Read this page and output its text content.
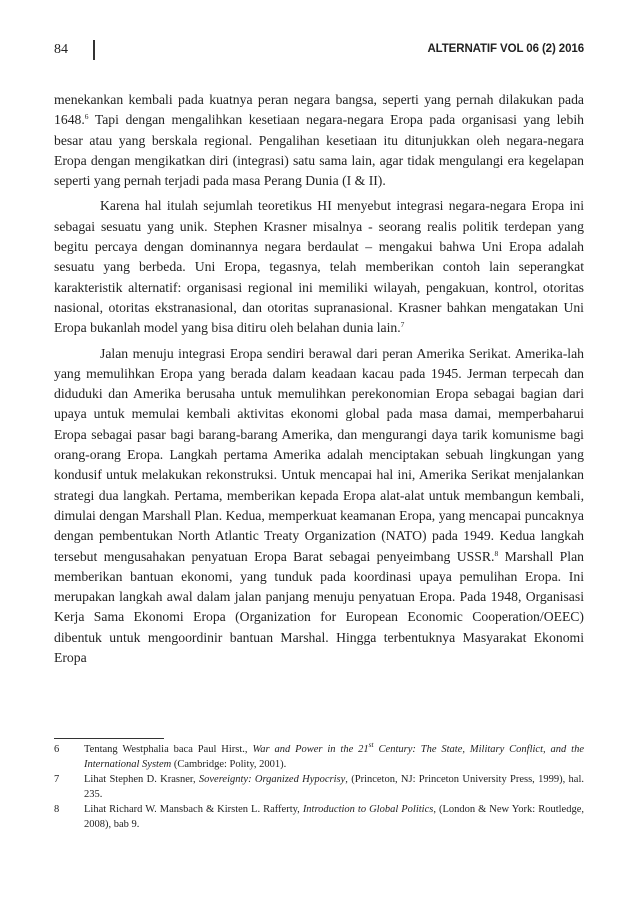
84	ALTERNATIF VOL 06 (2) 2016

menekankan kembali pada kuatnya peran negara bangsa, seperti yang pernah dilakukan pada 1648.$^6$ Tapi dengan mengalihkan kesetiaan negara-negara Eropa pada organisasi yang lebih besar atau yang berskala regional. Pengalihan kesetiaan itu ditunjukkan oleh negara-negara Eropa dengan mengikatkan diri (integrasi) satu sama lain, agar tidak mengulangi era kegelapan seperti yang pernah terjadi pada masa Perang Dunia (I & II).

Karena hal itulah sejumlah teoretikus HI menyebut integrasi negara-negara Eropa ini sebagai sesuatu yang unik. Stephen Krasner misalnya - seorang realis politik terdepan yang begitu percaya dengan dominannya negara berdaulat – mengakui bahwa Uni Eropa adalah sesuatu yang berbeda. Uni Eropa, tegasnya, telah memberikan contoh lain seperangkat karakteristik alternatif: organisasi regional ini memiliki wilayah, pengakuan, kontrol, otoritas nasional, otoritas ekstranasional, dan otoritas supranasional. Krasner bahkan mengatakan Uni Eropa bukanlah model yang bisa ditiru oleh belahan dunia lain.$^7$

Jalan menuju integrasi Eropa sendiri berawal dari peran Amerika Serikat. Amerika-lah yang memulihkan Eropa yang berada dalam keadaan kacau pada 1945. Jerman terpecah dan diduduki dan Amerika berusaha untuk memulihkan perekonomian Eropa sebagai bagian dari upaya untuk memulai kembali aktivitas ekonomi global pada masa damai, memperbaharui Eropa sebagai pasar bagi barang-barang Amerika, dan mengurangi daya tarik komunisme bagi orang-orang Eropa. Langkah pertama Amerika adalah menciptakan sebuah lingkungan yang kondusif untuk melakukan rekonstruksi. Untuk mencapai hal ini, Amerika Serikat menjalankan strategi dua langkah. Pertama, memberikan kepada Eropa alat-alat untuk membangun kembali, dimulai dengan Marshall Plan. Kedua, memperkuat keamanan Eropa, yang mencapai puncaknya dengan pembentukan North Atlantic Treaty Organization (NATO) pada 1949. Kedua langkah tersebut mengusahakan penyatuan Eropa Barat sebagai penyeimbang USSR.$^8$ Marshall Plan memberikan bantuan ekonomi, yang tunduk pada koordinasi upaya pemulihan Eropa. Ini merupakan langkah awal dalam jalan panjang menuju penyatuan Eropa. Pada 1948, Organisasi Kerja Sama Ekonomi Eropa (Organization for European Economic Cooperation/OEEC) dibentuk untuk mengoordinir bantuan Marshal. Hingga terbentuknya Masyarakat Ekonomi Eropa

6	Tentang Westphalia baca Paul Hirst., War and Power in the 21st Century: The State, Military Conflict, and the International System (Cambridge: Polity, 2001).
7	Lihat Stephen D. Krasner, Sovereignty: Organized Hypocrisy, (Princeton, NJ: Princeton University Press, 1999), hal. 235.
8	Lihat Richard W. Mansbach & Kirsten L. Rafferty, Introduction to Global Politics, (London & New York: Routledge, 2008), bab 9.
